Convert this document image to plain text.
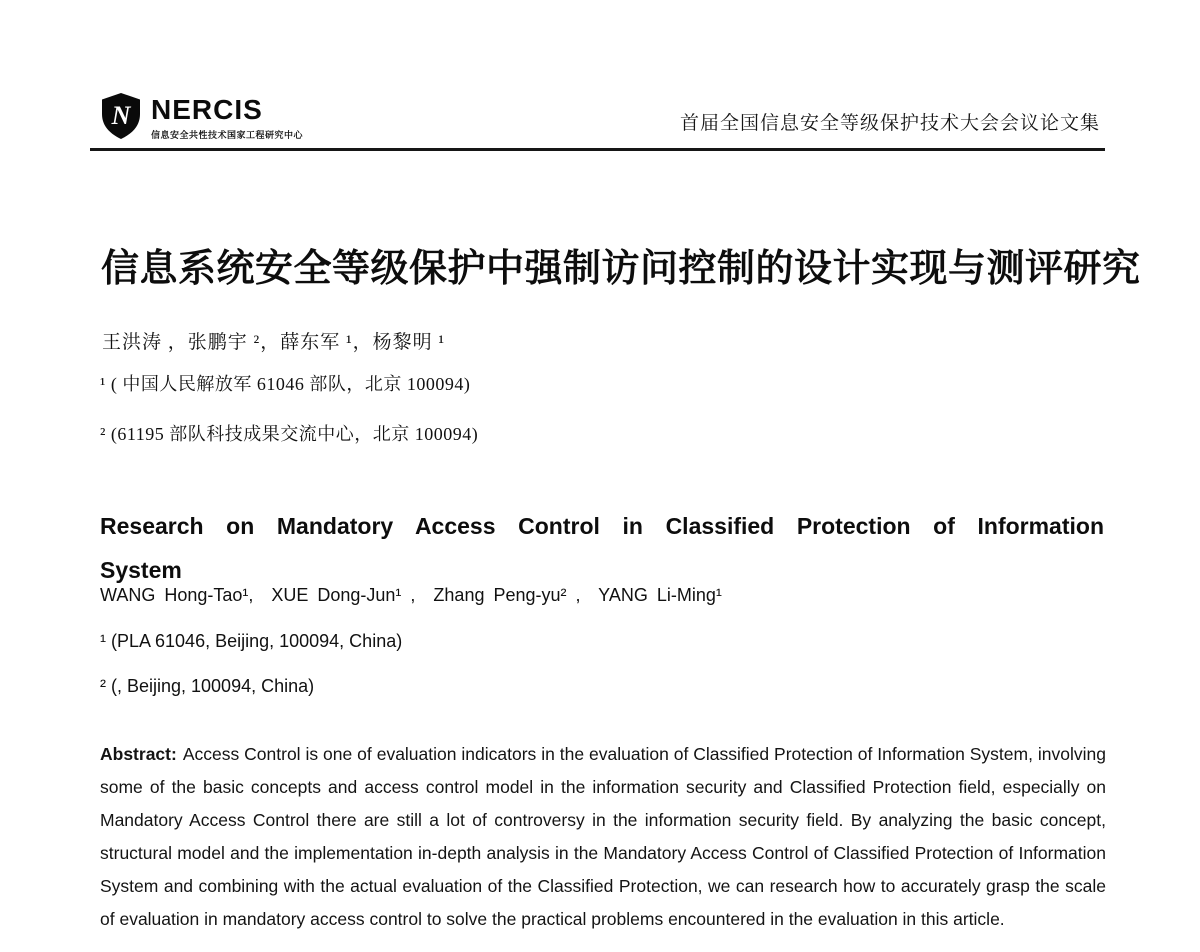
N NERCIS
信息安全共性技术国家工程研究中心
首届全国信息安全等级保护技术大会会议论文集
信息系统安全等级保护中强制访问控制的设计实现与测评研究
王洪涛 ，张鹏宇 ²，薛东军 ¹，杨黎明 ¹
¹ ( 中国人民解放军 61046 部队，北京 100094)
² (61195 部队科技成果交流中心，北京 100094)
Research on Mandatory Access Control in Classified Protection of Information
System
WANG Hong-Tao¹,  XUE Dong-Jun¹ ,  Zhang Peng-yu² ,  YANG Li-Ming¹
¹ (PLA 61046, Beijing, 100094, China)
² (, Beijing, 100094, China)

Abstract: Access Control is one of evaluation indicators in the evaluation of Classified Protection of Information System, involving some of the basic concepts and access control model in the information security and Classified Protection field, especially on Mandatory Access Control there are still a lot of controversy in the information security field. By analyzing the basic concept, structural model and the implementation in-depth analysis in the Mandatory Access Control of Classified Protection of Information System and combining with the actual evaluation of the Classified Protection, we can research how to accurately grasp the scale of evaluation in mandatory access control to solve the practical problems encountered in the evaluation in this article.
